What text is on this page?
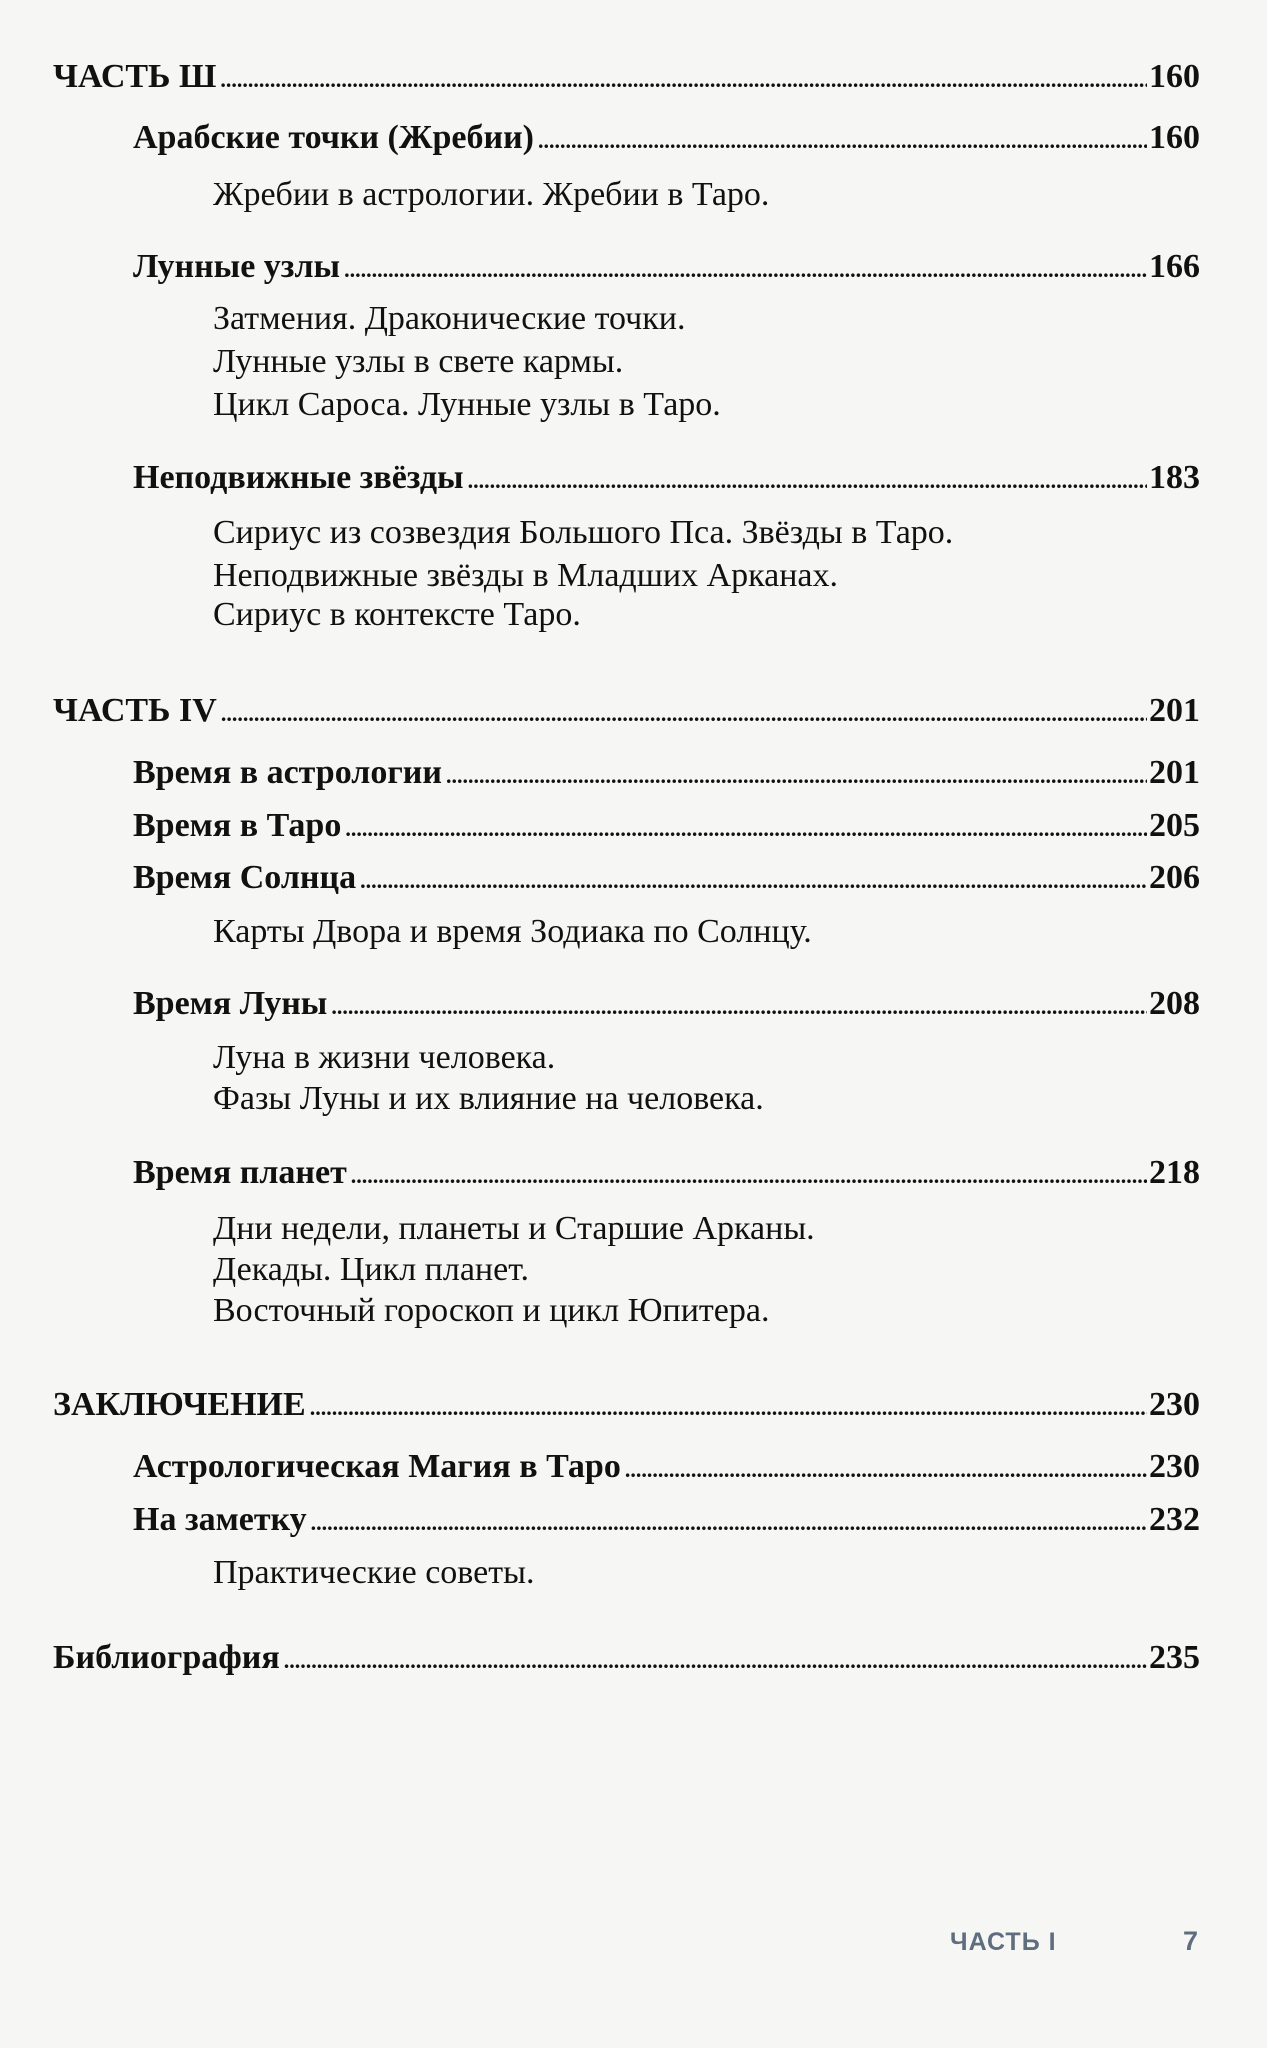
ЧАСТЬ Ш .....	160
Арабские точки (Жребии) .....	160
Жребии в астрологии. Жребии в Таро.
Лунные узлы .....	166
Затмения. Драконические точки.
Лунные узлы в свете кармы.
Цикл Сароса. Лунные узлы в Таро.
Неподвижные звёзды .....	183
Сириус из созвездия Большого Пса. Звёзды в Таро.
Неподвижные звёзды в Младших Арканах.
Сириус в контексте Таро.
ЧАСТЬ IV .....	201
Время в астрологии .....	201
Время в Таро .....	205
Время Солнца .....	206
Карты Двора и время Зодиака по Солнцу.
Время Луны .....	208
Луна в жизни человека.
Фазы Луны и их влияние на человека.
Время планет .....	218
Дни недели, планеты и Старшие Арканы.
Декады. Цикл планет.
Восточный гороскоп и цикл Юпитера.
ЗАКЛЮЧЕНИЕ .....	230
Астрологическая Магия в Таро .....	230
На заметку .....	232
Практические советы.
Библиография .....	235
ЧАСТЬ I	7
